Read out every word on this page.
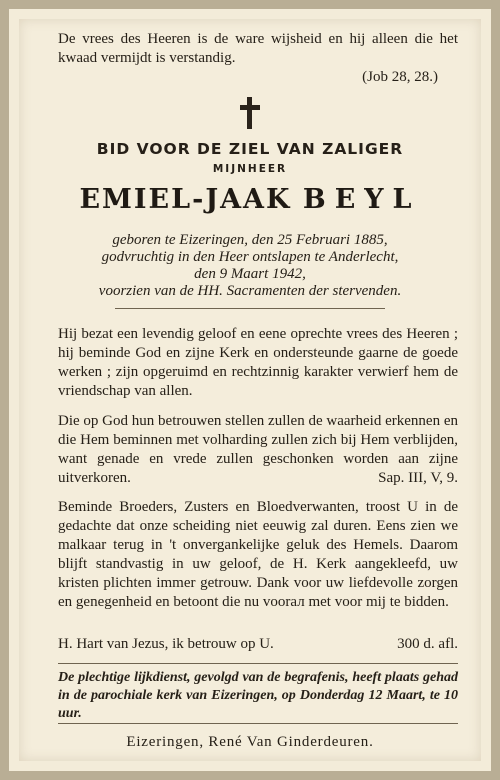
De vrees des Heeren is de ware wijsheid en hij alleen die het kwaad vermijdt is verstandig.
(Job 28, 28.)
BID VOOR DE ZIEL VAN ZALIGER
MIJNHEER
EMIEL-JAAK BEYL
geboren te Eizeringen, den 25 Februari 1885,
godvruchtig in den Heer ontslapen te Anderlecht,
den 9 Maart 1942,
voorzien van de HH. Sacramenten der stervenden.
Hij bezat een levendig geloof en eene oprechte vrees des Heeren ; hij beminde God en zijne Kerk en ondersteunde gaarne de goede werken ; zijn opgeruimd en rechtzinnig karakter verwierf hem de vriendschap van allen.
Die op God hun betrouwen stellen zullen de waarheid erkennen en die Hem beminnen met volharding zullen zich bij Hem verblijden, want genade en vrede zullen geschonken worden aan zijne uitverkoren.	Sap. III, V, 9.
Beminde Broeders, Zusters en Bloedverwanten, troost U in de gedachte dat onze scheiding niet eeuwig zal duren. Eens zien we malkaar terug in 't onvergankelijke geluk des Hemels. Daarom blijft standvastig in uw geloof, de H. Kerk aangekleefd, uw kristen plichten immer getrouw. Dank voor uw liefdevolle zorgen en genegenheid en betoont die nu voorал met voor mij te bidden.
H. Hart van Jezus, ik betrouw op U.	300 d. afl.
De plechtige lijkdienst, gevolgd van de begrafenis, heeft plaats gehad in de parochiale kerk van Eizeringen, op Donderdag 12 Maart, te 10 uur.
Eizeringen, René Van Ginderdeuren.
